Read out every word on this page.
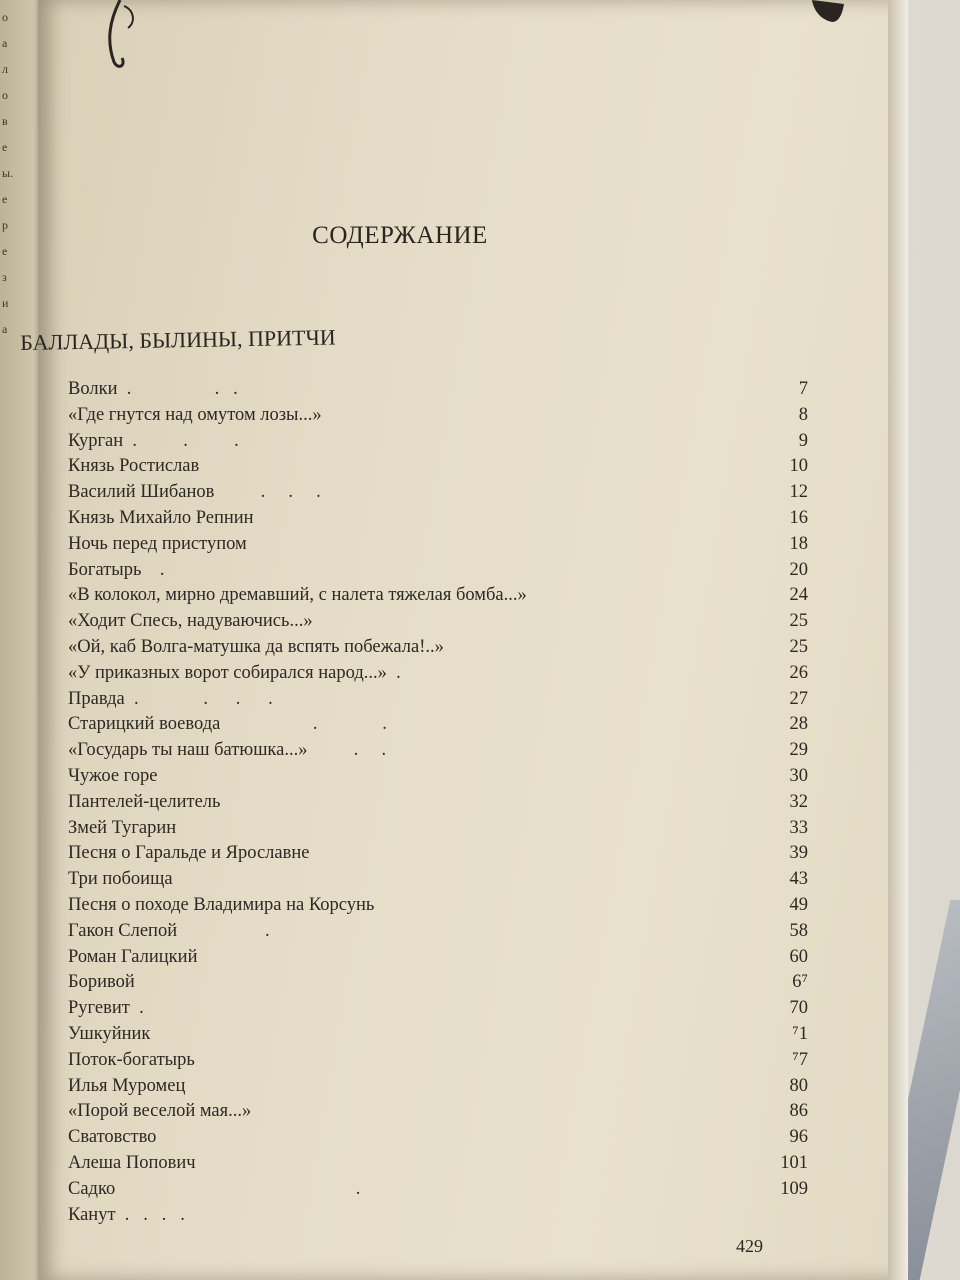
о
а
л
о
в
е
ы.
е
р
е
з
и
а
СОДЕРЖАНИЕ
БАЛЛАДЫ, БЫЛИНЫ, ПРИТЧИ
Волки  .                  .   .	7
«Где гнутся над омутом лозы...»	8
Курган  .          .          .	9
Князь Ростислав	10
Василий Шибанов          .     .     .	12
Князь Михайло Репнин	16
Ночь перед приступом	18
Богатырь    .	20
«В колокол, мирно дремавший, с налета тяжелая бомба...»	24
«Ходит Спесь, надуваючись...»	25
«Ой, каб Волга-матушка да вспять побежала!..»	25
«У приказных ворот собирался народ...»  .	26
Правда  .              .      .      .	27
Старицкий воевода                    .              .	28
«Государь ты наш батюшка...»          .     .	29
Чужое горе	30
Пантелей-целитель	32
Змей Тугарин	33
Песня о Гаральде и Ярославне	39
Три побоища	43
Песня о походе Владимира на Корсунь	49
Гакон Слепой                   .	58
Роман Галицкий	60
Боривой	6⁷
Ругевит  .	70
Ушкуйник	⁷1
Поток-богатырь	⁷7
Илья Муромец	80
«Порой веселой мая...»	86
Сватовство	96
Алеша Попович	101
Садко                                                    .	109
Канут  .   .   .   .
429
